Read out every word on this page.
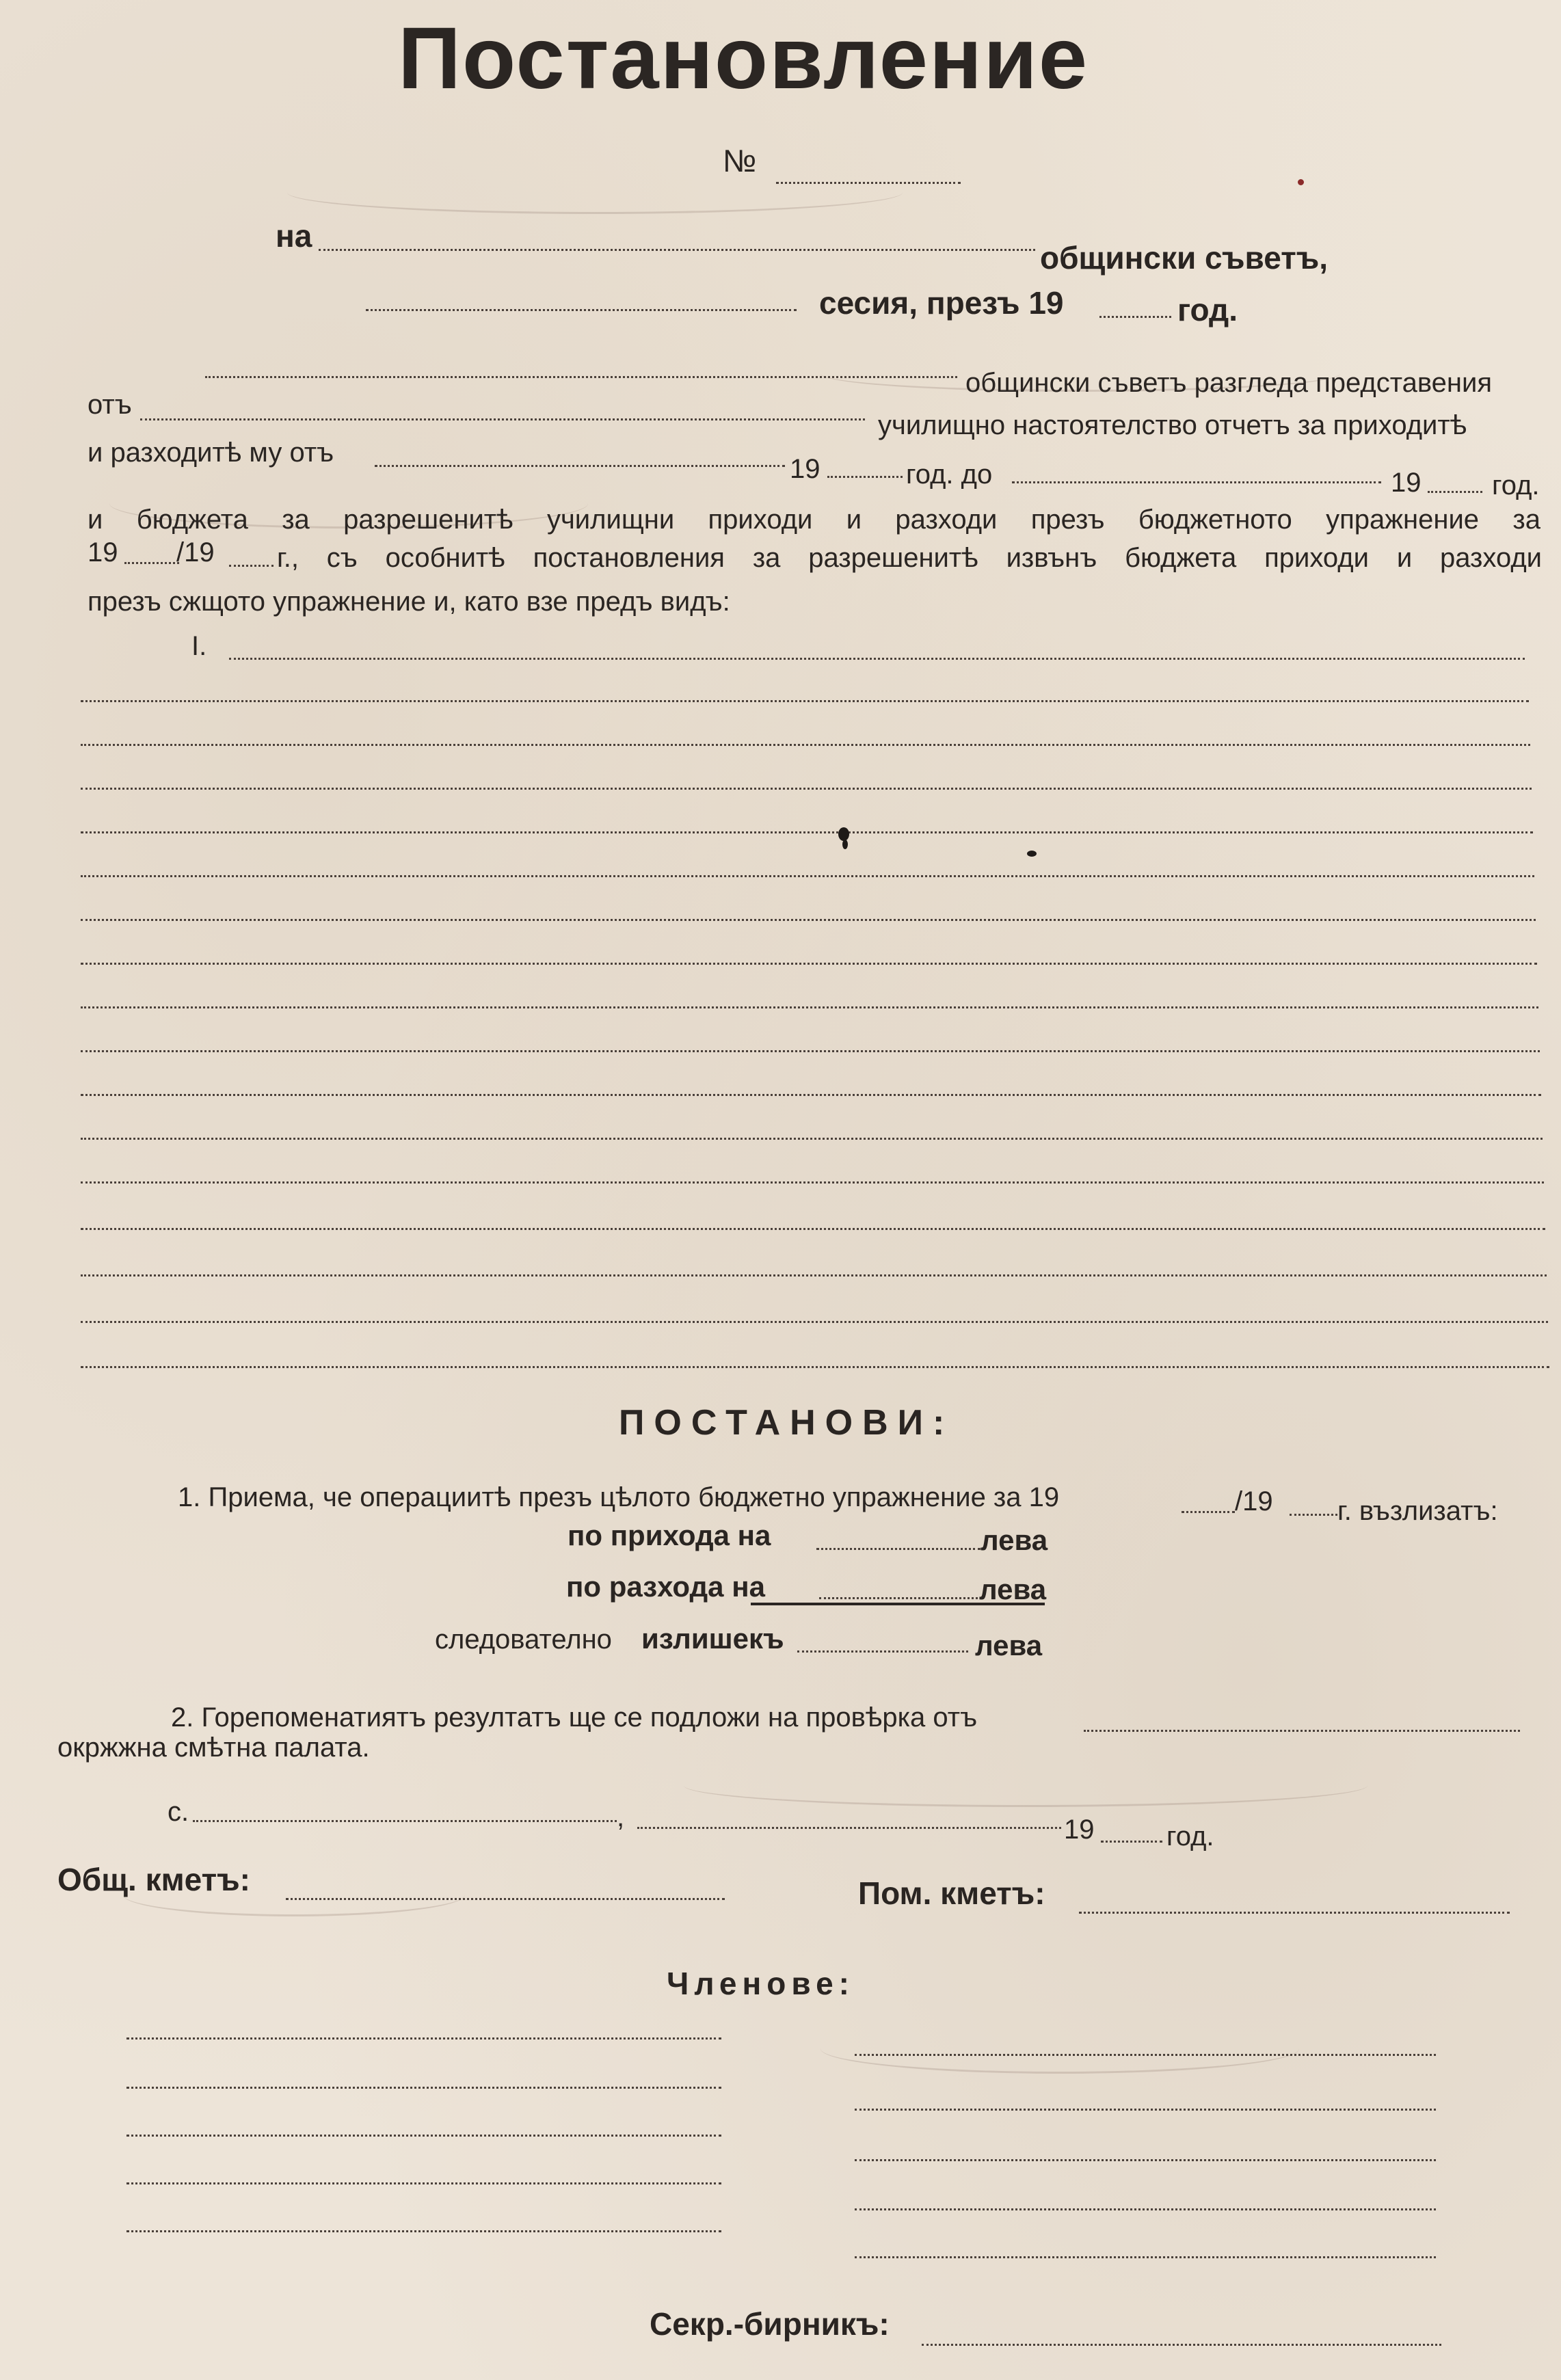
Постановление
№
на
общински съветъ,
сесия, презъ 19	год.
общински съветъ разгледа представения
отъ
училищно настоятелство отчетъ за приходитѣ
и разходитѣ му отъ
19	год. до	19	год.
и бюджета за разрешенитѣ училищни приходи и разходи презъ бюджетното упражнение за
19 /19 г., съ особнитѣ постановления за разрешенитѣ извънъ бюджета приходи и разходи
презъ сжщото упражнение и, като взе предъ видъ:
I.
ПОСТАНОВИ:
1. Приема, че операциитѣ презъ цѣлото бюджетно упражнение за 19	/19 г. възлизатъ:
по прихода на	лева
по разхода на	лева
следователно излишекъ	лева
2. Горепоменатиятъ резултатъ ще се подложи на провѣрка отъ
окржжна смѣтна палата.
с.	,	19	год.
Общ. кметъ:	Пом. кметъ:
Членове:
Секр.-бирникъ:
